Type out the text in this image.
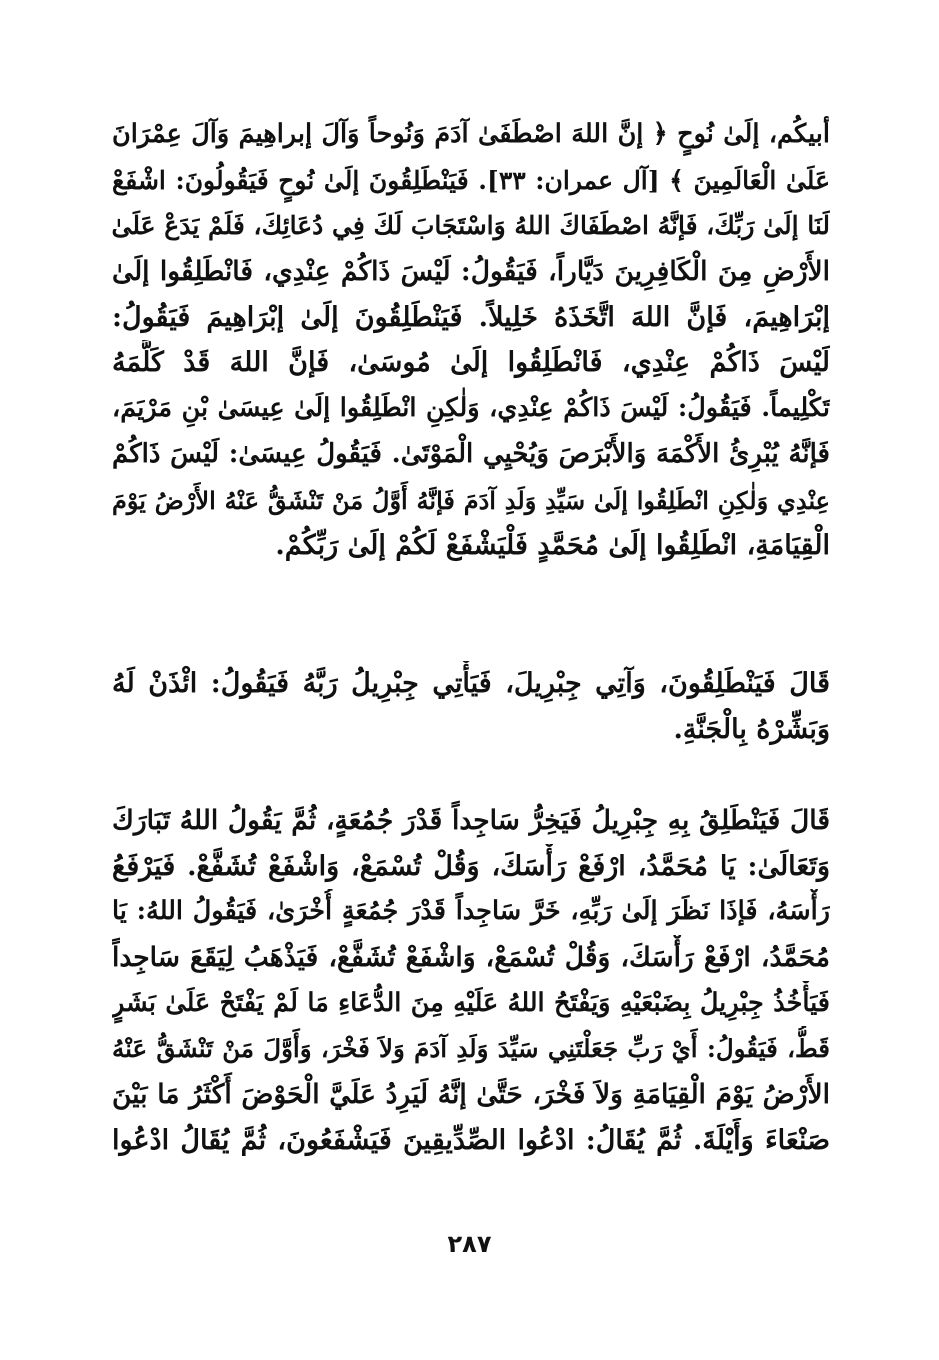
أبيكُم، إلَىٰ نُوحٍ ﴿ إنَّ اللهَ اصْطَفَىٰ آدَمَ وَنُوحاً وَآلَ إبراهِيمَ وَآلَ عِمْرَانَ
عَلَىٰ الْعَالَمِينَ ﴾ [آل عمران: ٣٣]. فَيَنْطَلِقُونَ إلَىٰ نُوحٍ فَيَقُولُونَ: اشْفَعْ
لَنَا إلَىٰ رَبِّكَ، فَإنَّهُ اصْطَفَاكَ اللهُ وَاسْتَجَابَ لَكَ فِي دُعَائِكَ، فَلَمْ يَدَعْ عَلَىٰ
الأَرْضِ مِنَ الْكَافِرِينَ دَيَّاراً، فَيَقُولُ: لَيْسَ ذَاكُمْ عِنْدِي، فَانْطَلِقُوا إلَىٰ
إبْرَاهِيمَ، فَإنَّ اللهَ اتَّخَذَهُ خَلِيلاً. فَيَنْطَلِقُونَ إلَىٰ إبْرَاهِيمَ فَيَقُولُ:
لَيْسَ ذَاكُمْ عِنْدِي، فَانْطَلِقُوا إلَىٰ مُوسَىٰ، فَإنَّ اللهَ قَدْ كَلَّمَهُ
تَكْلِيماً. فَيَقُولُ: لَيْسَ ذَاكُمْ عِنْدِي، وَلٰكِنِ انْطَلِقُوا إلَىٰ عِيسَىٰ بْنِ مَرْيَمَ،
فَإنَّهُ يُبْرِئُ الأَكْمَهَ وَالأَبْرَصَ وَيُحْيِي الْمَوْتَىٰ. فَيَقُولُ عِيسَىٰ: لَيْسَ ذَاكُمْ
عِنْدِي وَلٰكِنِ انْطَلِقُوا إلَىٰ سَيِّدِ وَلَدِ آدَمَ فَإنَّهُ أَوَّلُ مَنْ تَنْشَقُّ عَنْهُ الأَرْضُ يَوْمَ
الْقِيَامَةِ، انْطَلِقُوا إلَىٰ مُحَمَّدٍ فَلْيَشْفَعْ لَكُمْ إلَىٰ رَبِّكُمْ.
قَالَ فَيَنْطَلِقُونَ، وَآتِي جِبْرِيلَ، فَيَأْتِي جِبْرِيلُ رَبَّهُ فَيَقُولُ: ائْذَنْ لَهُ
وَبَشِّرْهُ بِالْجَنَّةِ.
قَالَ فَيَنْطَلِقُ بِهِ جِبْرِيلُ فَيَخِرُّ سَاجِداً قَدْرَ جُمُعَةٍ، ثُمَّ يَقُولُ اللهُ تَبَارَكَ
وَتَعَالَىٰ: يَا مُحَمَّدُ، ارْفَعْ رَأْسَكَ، وَقُلْ تُسْمَعْ، وَاشْفَعْ تُشَفَّعْ. فَيَرْفَعُ
رَأْسَهُ، فَإذَا نَظَرَ إلَىٰ رَبِّهِ، خَرَّ سَاجِداً قَدْرَ جُمُعَةٍ أُخْرَىٰ، فَيَقُولُ اللهُ: يَا
مُحَمَّدُ، ارْفَعْ رَأْسَكَ، وَقُلْ تُسْمَعْ، وَاشْفَعْ تُشَفَّعْ، فَيَذْهَبُ لِيَقَعَ سَاجِداً
فَيَأْخُذُ جِبْرِيلُ بِضَبْعَيْهِ وَيَفْتَحُ اللهُ عَلَيْهِ مِنَ الدُّعَاءِ مَا لَمْ يَفْتَحْ عَلَىٰ بَشَرٍ
قَطُّ، فَيَقُولُ: أَيْ رَبِّ جَعَلْتَنِي سَيِّدَ وَلَدِ آدَمَ وَلاَ فَخْرَ، وَأَوَّلَ مَنْ تَنْشَقُّ عَنْهُ
الأَرْضُ يَوْمَ الْقِيَامَةِ وَلاَ فَخْرَ، حَتَّىٰ إنَّهُ لَيَرِدُ عَلَيَّ الْحَوْضَ أَكْثَرُ مَا بَيْنَ
صَنْعَاءَ وَأَيْلَةَ. ثُمَّ يُقَالُ: ادْعُوا الصِّدِّيقِينَ فَيَشْفَعُونَ، ثُمَّ يُقَالُ ادْعُوا
٢٨٧
